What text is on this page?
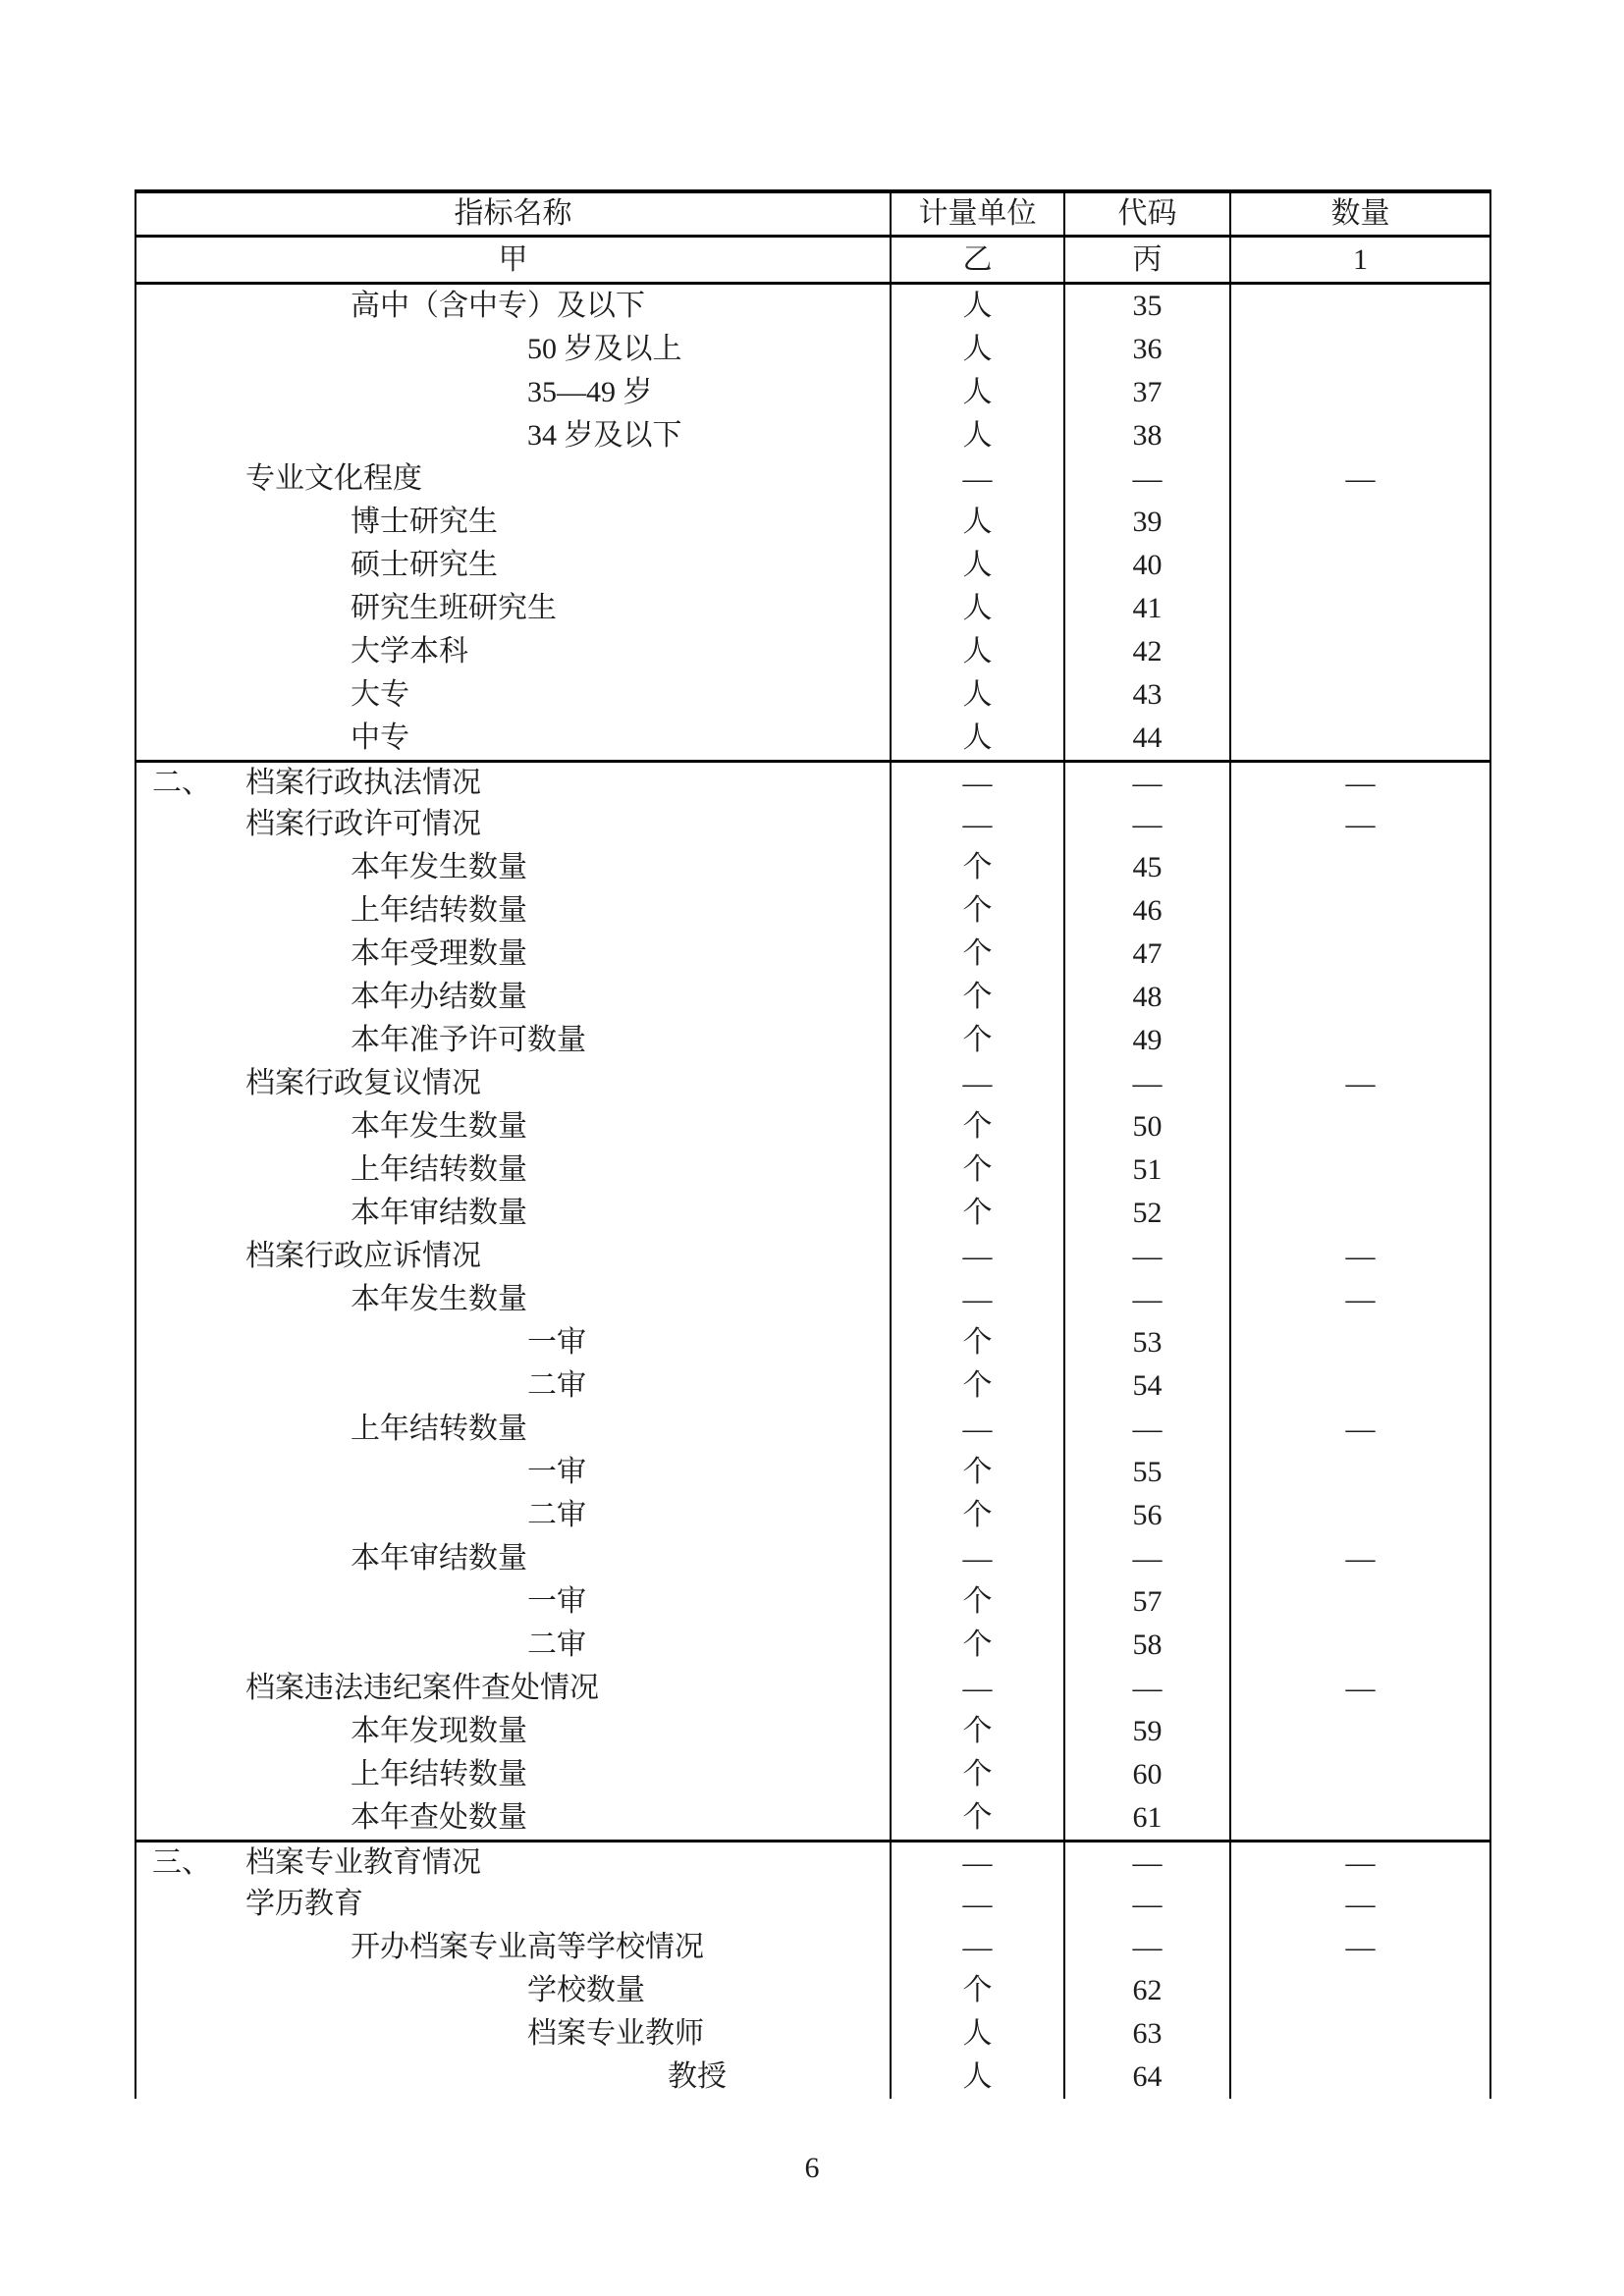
指标名称	计量单位	代码	数量
甲	乙	丙	1
高中（含中专）及以下	人	35
50 岁及以上	人	36
35—49 岁	人	37
34 岁及以下	人	38
专业文化程度	—	—	—
博士研究生	人	39
硕士研究生	人	40
研究生班研究生	人	41
大学本科	人	42
大专	人	43
中专	人	44
二、	档案行政执法情况	—	—	—
档案行政许可情况	—	—	—
本年发生数量	个	45
上年结转数量	个	46
本年受理数量	个	47
本年办结数量	个	48
本年准予许可数量	个	49
档案行政复议情况	—	—	—
本年发生数量	个	50
上年结转数量	个	51
本年审结数量	个	52
档案行政应诉情况	—	—	—
本年发生数量	—	—	—
一审	个	53
二审	个	54
上年结转数量	—	—	—
一审	个	55
二审	个	56
本年审结数量	—	—	—
一审	个	57
二审	个	58
档案违法违纪案件查处情况	—	—	—
本年发现数量	个	59
上年结转数量	个	60
本年查处数量	个	61
三、	档案专业教育情况	—	—	—
学历教育	—	—	—
开办档案专业高等学校情况	—	—	—
学校数量	个	62
档案专业教师	人	63
教授	人	64
6
